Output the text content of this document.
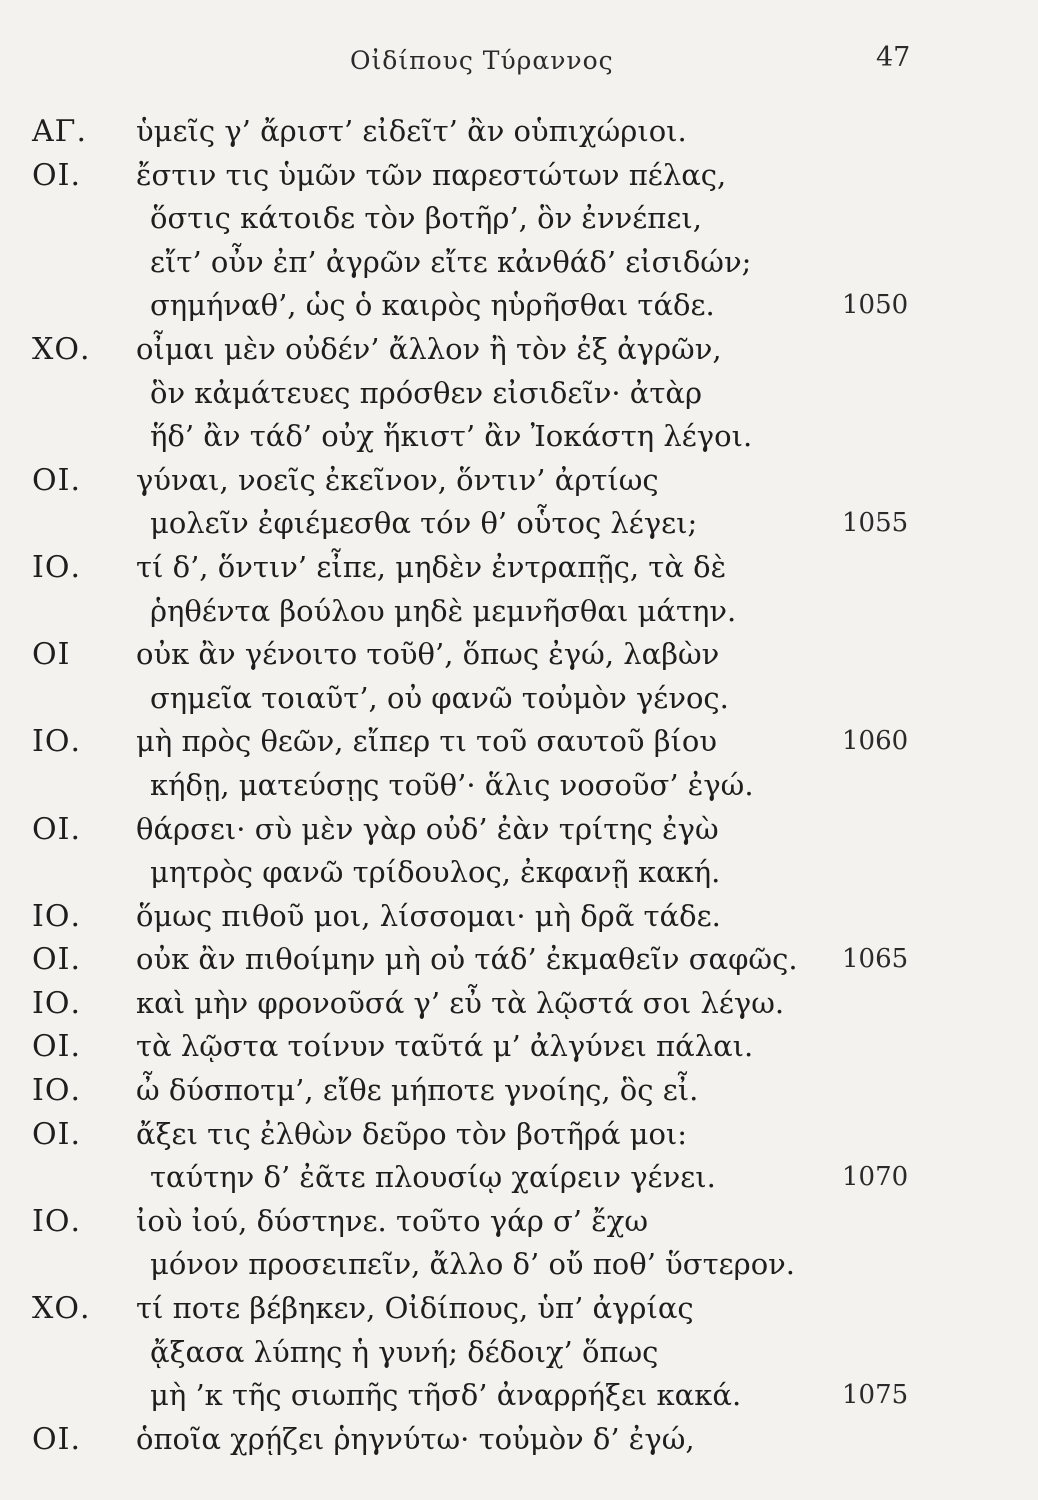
Οἰδίπους Τύραννος	47
ΑΓ. ὑμεῖς γ’ ἄριστ’ εἰδεῖτ’ ἂν οὑπιχώριοι.
ΟΙ. ἔστιν τις ὑμῶν τῶν παρεστώτων πέλας,
ὅστις κάτοιδε τὸν βοτῆρ’, ὃν ἐννέπει,
εἴτ’ οὖν ἐπ’ ἀγρῶν εἴτε κἀνθάδ’ εἰσιδών;
σημήναθ’, ὡς ὁ καιρὸς ηὑρῆσθαι τάδε.	1050
ΧΟ. οἶμαι μὲν οὐδέν’ ἄλλον ἢ τὸν ἐξ ἀγρῶν,
ὃν κἀμάτευες πρόσθεν εἰσιδεῖν· ἀτὰρ
ἥδ’ ἂν τάδ’ οὐχ ἥκιστ’ ἂν Ἰοκάστη λέγοι.
ΟΙ. γύναι, νοεῖς ἐκεῖνον, ὅντιν’ ἀρτίως
μολεῖν ἐφιέμεσθα τόν θ’ οὗτος λέγει;	1055
ΙΟ. τί δ’, ὅντιν’ εἶπε, μηδὲν ἐντραπῇς, τὰ δὲ
ῥηθέντα βούλου μηδὲ μεμνῆσθαι μάτην.
ΟΙ οὐκ ἂν γένοιτο τοῦθ’, ὅπως ἐγώ, λαβὼν
σημεῖα τοιαῦτ’, οὐ φανῶ τοὐμὸν γένος.
ΙΟ. μὴ πρὸς θεῶν, εἴπερ τι τοῦ σαυτοῦ βίου	1060
κήδῃ, ματεύσῃς τοῦθ’· ἅλις νοσοῦσ’ ἐγώ.
ΟΙ. θάρσει· σὺ μὲν γὰρ οὐδ’ ἐὰν τρίτης ἐγὼ
μητρὸς φανῶ τρίδουλος, ἐκφανῇ κακή.
ΙΟ. ὅμως πιθοῦ μοι, λίσσομαι· μὴ δρᾶ τάδε.
ΟΙ. οὐκ ἂν πιθοίμην μὴ οὐ τάδ’ ἐκμαθεῖν σαφῶς. 1065
ΙΟ. καὶ μὴν φρονοῦσά γ’ εὖ τὰ λῷστά σοι λέγω.
ΟΙ. τὰ λῷστα τοίνυν ταῦτά μ’ ἀλγύνει πάλαι.
ΙΟ. ὦ δύσποτμ’, εἴθε μήποτε γνοίης, ὃς εἶ.
ΟΙ. ἄξει τις ἐλθὼν δεῦρο τὸν βοτῆρά μοι:
ταύτην δ’ ἐᾶτε πλουσίῳ χαίρειν γένει.	1070
ΙΟ. ἰοὺ ἰού, δύστηνε. τοῦτο γάρ σ’ ἔχω
μόνον προσειπεῖν, ἄλλο δ’ οὔ ποθ’ ὕστερον.
ΧΟ. τί ποτε βέβηκεν, Οἰδίπους, ὑπ’ ἀγρίας
ᾄξασα λύπης ἡ γυνή; δέδοιχ’ ὅπως
μὴ ’κ τῆς σιωπῆς τῆσδ’ ἀναρρήξει κακά.	1075
ΟΙ. ὁποῖα χρῄζει ῥηγνύτω· τοὐμὸν δ’ ἐγώ,
